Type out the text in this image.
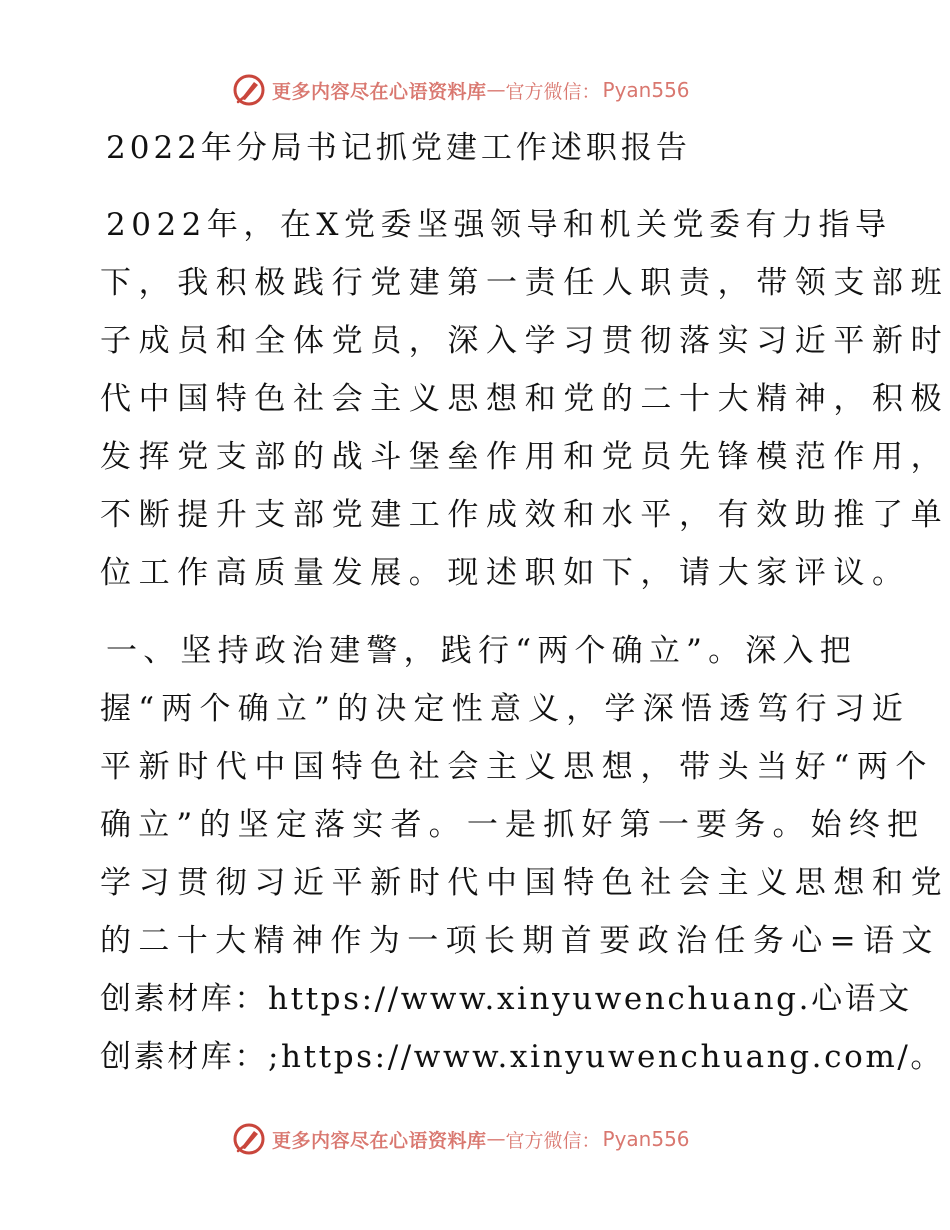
更多内容尽在心语资料库 — 官方微信： Pyan556
2022年分局书记抓党建工作述职报告

2022年，在X党委坚强领导和机关党委有力指导

下，我积极践行党建第一责任人职责，带领支部班

子成员和全体党员，深入学习贯彻落实习近平新时

代中国特色社会主义思想和党的二十大精神，积极

发挥党支部的战斗堡垒作用和党员先锋模范作用，

不断提升支部党建工作成效和水平，有效助推了单

位工作高质量发展。现述职如下，请大家评议。

一、坚持政治建警，践行“两个确立”。深入把

握“两个确立”的决定性意义，学深悟透笃行习近

平新时代中国特色社会主义思想，带头当好“两个

确立”的坚定落实者。一是抓好第一要务。始终把

学习贯彻习近平新时代中国特色社会主义思想和党

的二十大精神作为一项长期首要政治任务心=语文

创素材库：https://www.xinyuwenchuang.心语文

创素材库：;https://www.xinyuwenchuang.com/。

更多内容尽在心语资料库 — 官方微信： Pyan556
